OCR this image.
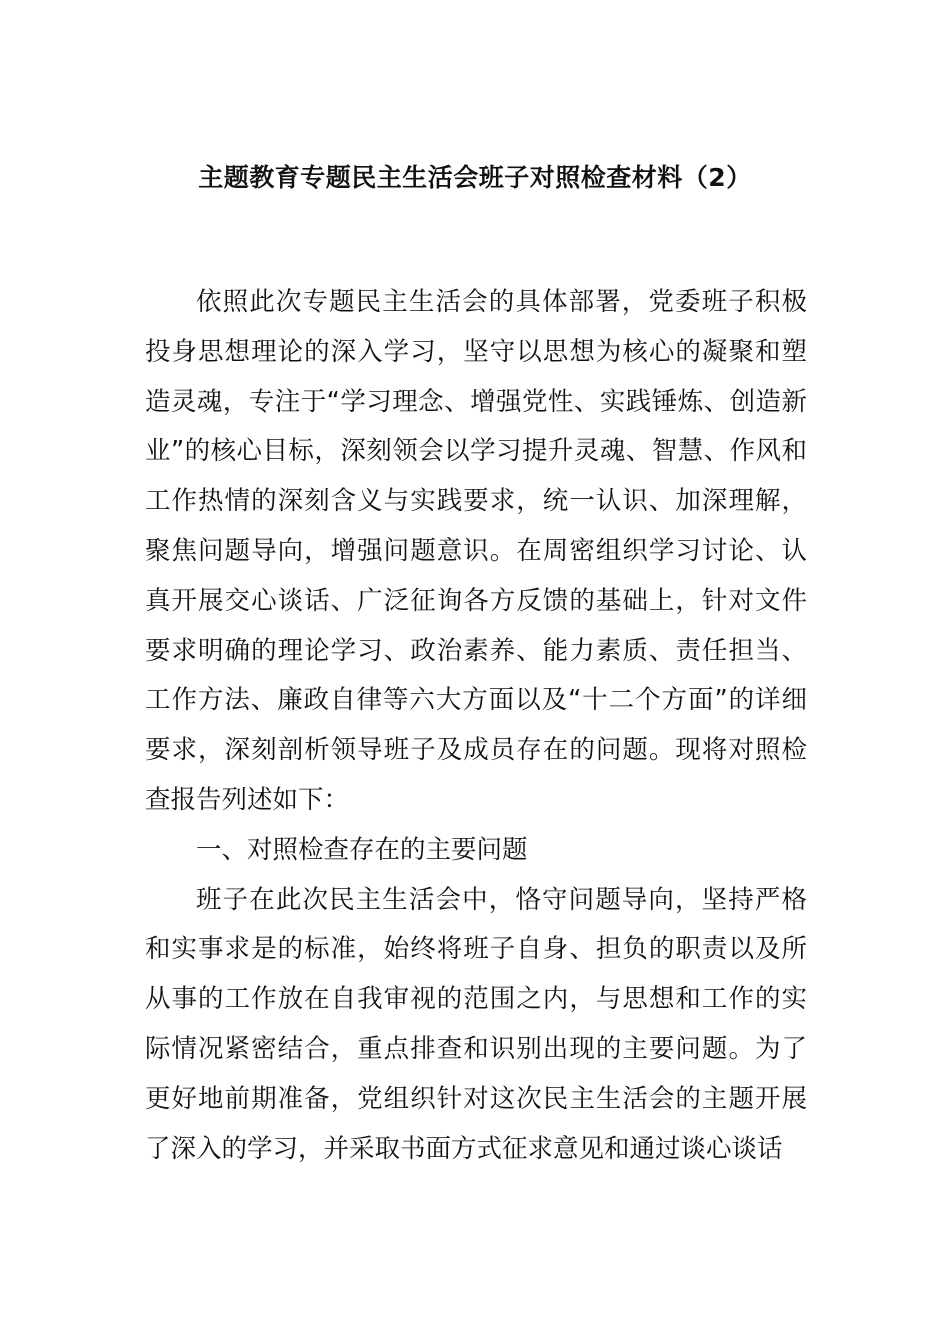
主题教育专题民主生活会班子对照检查材料（2）

依照此次专题民主生活会的具体部署，党委班子积极投身思想理论的深入学习，坚守以思想为核心的凝聚和塑造灵魂，专注于“学习理念、增强党性、实践锤炼、创造新业”的核心目标，深刻领会以学习提升灵魂、智慧、作风和工作热情的深刻含义与实践要求，统一认识、加深理解，聚焦问题导向，增强问题意识。在周密组织学习讨论、认真开展交心谈话、广泛征询各方反馈的基础上，针对文件要求明确的理论学习、政治素养、能力素质、责任担当、工作方法、廉政自律等六大方面以及“十二个方面”的详细要求，深刻剖析领导班子及成员存在的问题。现将对照检查报告列述如下：

一、对照检查存在的主要问题

班子在此次民主生活会中，恪守问题导向，坚持严格和实事求是的标准，始终将班子自身、担负的职责以及所从事的工作放在自我审视的范围之内，与思想和工作的实际情况紧密结合，重点排查和识别出现的主要问题。为了更好地前期准备，党组织针对这次民主生活会的主题开展了深入的学习，并采取书面方式征求意见和通过谈心谈话
